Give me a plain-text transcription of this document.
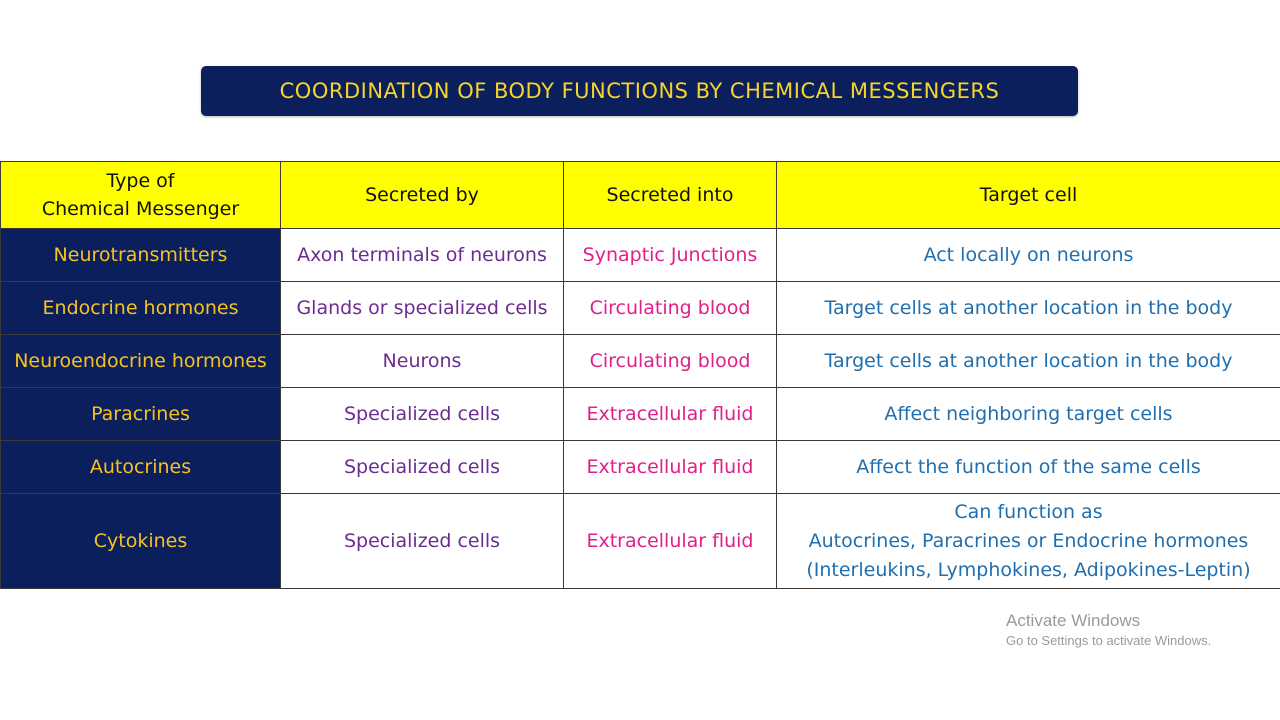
COORDINATION OF BODY FUNCTIONS BY CHEMICAL MESSENGERS
Type of
Chemical Messenger	Secreted by	Secreted into	Target cell
Neurotransmitters	Axon terminals of neurons	Synaptic Junctions	Act locally on neurons
Endocrine hormones	Glands or specialized cells	Circulating blood	Target cells at another location in the body
Neuroendocrine hormones	Neurons	Circulating blood	Target cells at another location in the body
Paracrines	Specialized cells	Extracellular fluid	Affect neighboring target cells
Autocrines	Specialized cells	Extracellular fluid	Affect the function of the same cells
Cytokines	Specialized cells	Extracellular fluid	Can function as
Autocrines, Paracrines or Endocrine hormones
(Interleukins, Lymphokines, Adipokines-Leptin)
Activate Windows
Go to Settings to activate Windows.
